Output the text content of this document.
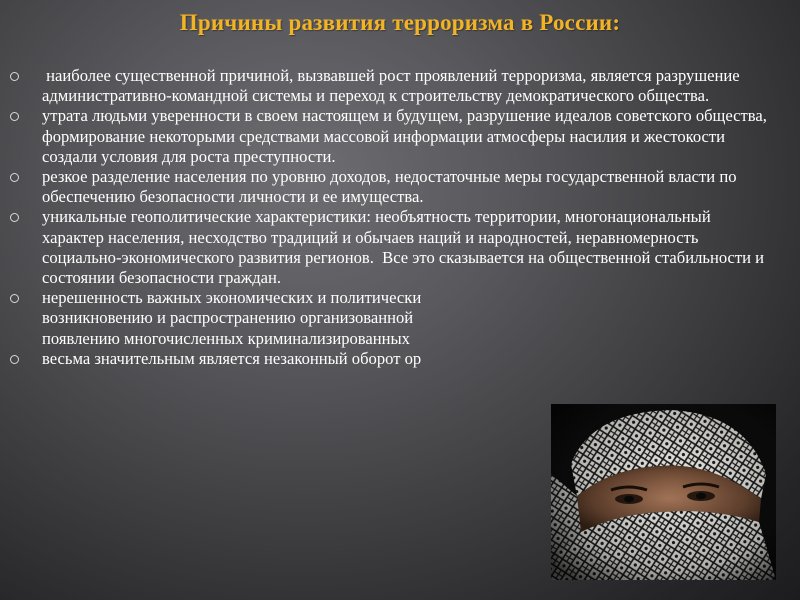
Причины развития терроризма в России:
наиболее существенной причиной, вызвавшей рост проявлений терроризма, является разрушение административно-командной системы и переход к строительству демократического общества.
утрата людьми уверенности в своем настоящем и будущем, разрушение идеалов советского общества, формирование некоторыми средствами массовой информации атмосферы насилия и жестокости создали условия для роста преступности.
резкое разделение населения по уровню доходов, недостаточные меры государственной власти по обеспечению безопасности личности и ее имущества.
уникальные геополитические характеристики: необъятность территории, многонациональный характер населения, несходство традиций и обычаев наций и народностей, неравномерность социально-экономического развития регионов.  Все это сказывается на общественной стабильности и состоянии безопасности граждан.
нерешенность важных экономических и политически
возникновению и распространению организованной
появлению многочисленных криминализированных
весьма значительным является незаконный оборот ор
